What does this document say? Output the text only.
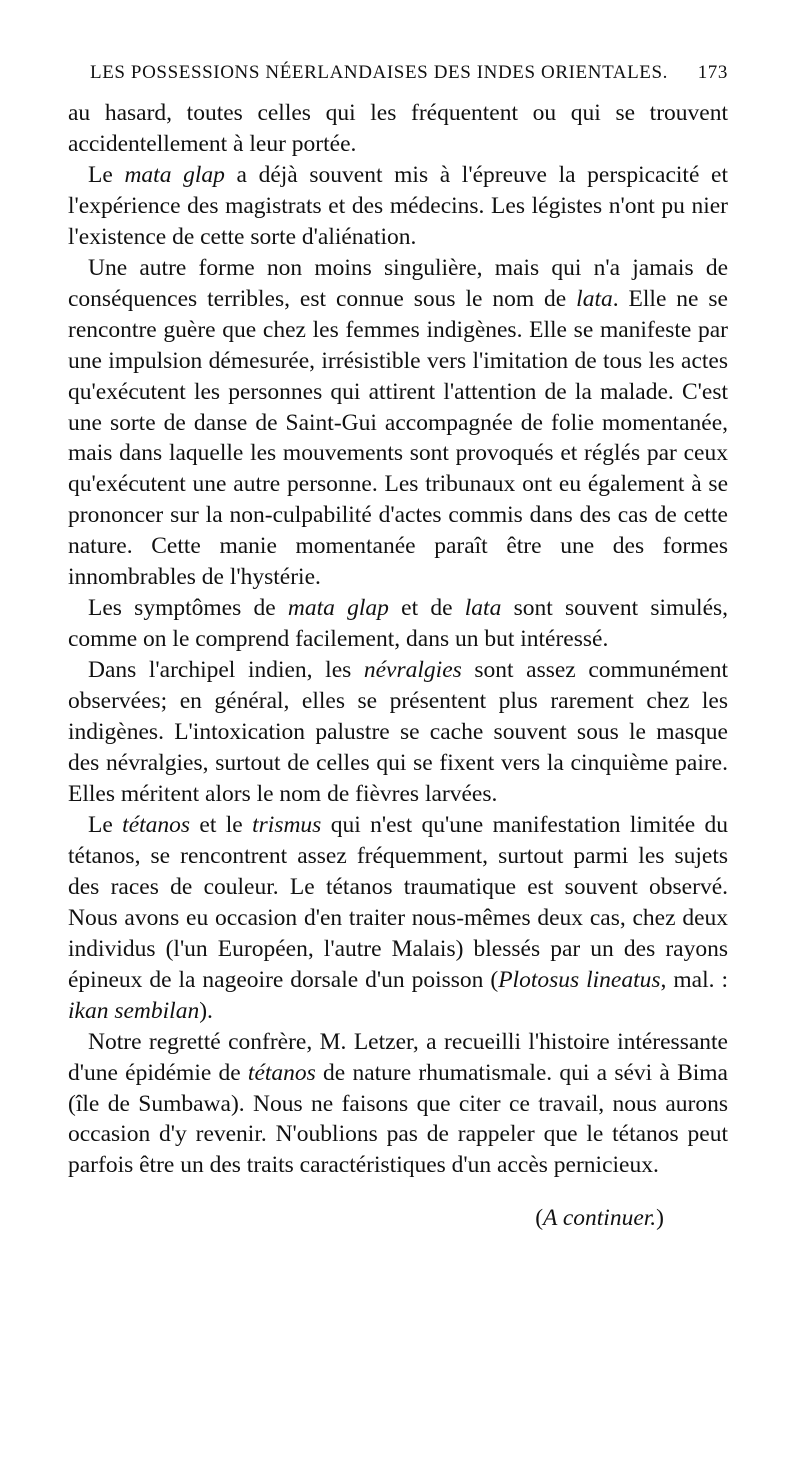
LES POSSESSIONS NÉERLANDAISES DES INDES ORIENTALES. 173

au hasard, toutes celles qui les fréquentent ou qui se trouvent accidentellement à leur portée.

Le mata glap a déjà souvent mis à l'épreuve la perspicacité et l'expérience des magistrats et des médecins. Les légistes n'ont pu nier l'existence de cette sorte d'aliénation.

Une autre forme non moins singulière, mais qui n'a jamais de conséquences terribles, est connue sous le nom de lata. Elle ne se rencontre guère que chez les femmes indigènes. Elle se manifeste par une impulsion démesurée, irrésistible vers l'imitation de tous les actes qu'exécutent les personnes qui attirent l'attention de la malade. C'est une sorte de danse de Saint-Gui accompagnée de folie momentanée, mais dans laquelle les mouvements sont provoqués et réglés par ceux qu'exécutent une autre personne. Les tribunaux ont eu également à se prononcer sur la non-culpabilité d'actes commis dans des cas de cette nature. Cette manie momentanée paraît être une des formes innombrables de l'hystérie.

Les symptômes de mata glap et de lata sont souvent simulés, comme on le comprend facilement, dans un but intéressé.

Dans l'archipel indien, les névralgies sont assez communément observées; en général, elles se présentent plus rarement chez les indigènes. L'intoxication palustre se cache souvent sous le masque des névralgies, surtout de celles qui se fixent vers la cinquième paire. Elles méritent alors le nom de fièvres larvées.

Le tétanos et le trismus qui n'est qu'une manifestation limitée du tétanos, se rencontrent assez fréquemment, surtout parmi les sujets des races de couleur. Le tétanos traumatique est souvent observé. Nous avons eu occasion d'en traiter nous-mêmes deux cas, chez deux individus (l'un Européen, l'autre Malais) blessés par un des rayons épineux de la nageoire dorsale d'un poisson (Plotosus lineatus, mal. : ikan sembilan).

Notre regretté confrère, M. Letzer, a recueilli l'histoire intéressante d'une épidémie de tétanos de nature rhumatismale. qui a sévi à Bima (île de Sumbawa). Nous ne faisons que citer ce travail, nous aurons occasion d'y revenir. N'oublions pas de rappeler que le tétanos peut parfois être un des traits caractéristiques d'un accès pernicieux.

(A continuer.)
